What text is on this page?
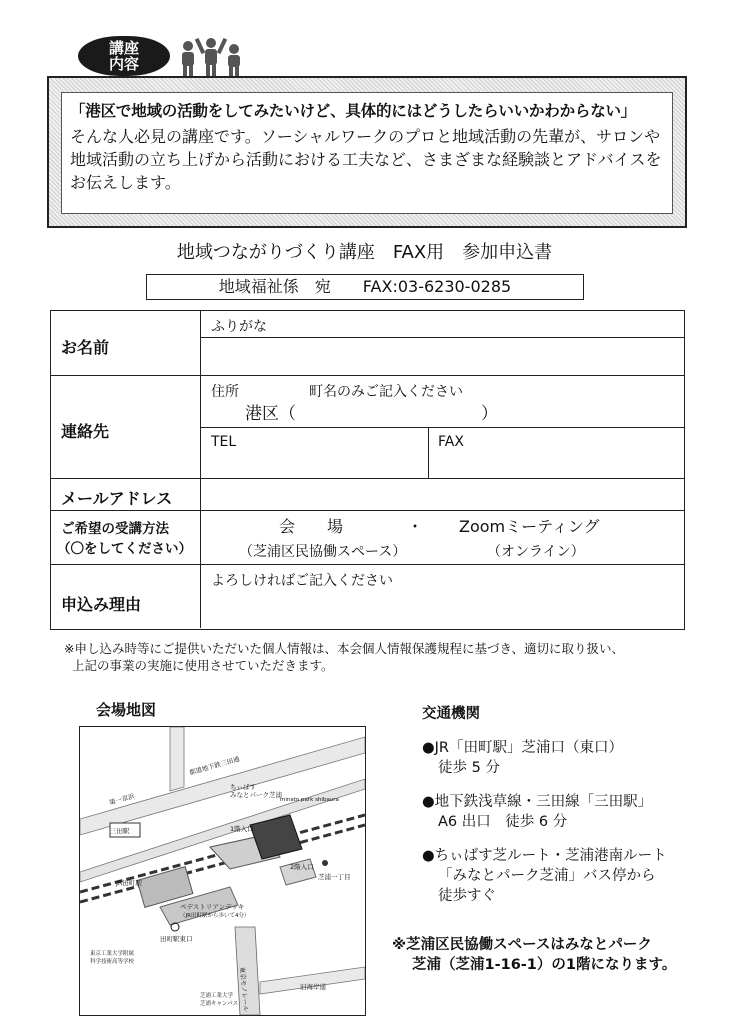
講座
内容
「港区で地域の活動をしてみたいけど、具体的にはどうしたらいいかわからない」
そんな人必見の講座です。ソーシャルワークのプロと地域活動の先輩が、サロンや地域活動の立ち上げから活動における工夫など、さまざまな経験談とアドバイスをお伝えします。
地域つながりづくり講座　FAX用　参加申込書
地域福祉係　宛　　FAX:03-6230-0285
お名前
ふりがな
連絡先
住所	町名のみご記入ください
港区（	）
TEL	FAX
メールアドレス
ご希望の受講方法
（〇をしてください）
会　　場	・ Zoomミーティング
（芝浦区民協働スペース）	（オンライン）
申込み理由
よろしければご記入ください
※申し込み時等にご提供いただいた個人情報は、本会個人情報保護規程に基づき、適切に取り扱い、
上記の事業の実施に使用させていただきます。
会場地図
三田駅
JR田町駅
都道地下鉄三田通
第一京浜
芝浦一丁目
ちぃばす
みなとパーク芝浦
minato park shibaura
1階入口
2階入口
ペデストリアンデッキ
（JR田町駅から歩いて4分）
田町駅東口
東京工業大学附属
科学技術高等学校
東京モノレール	旧海岸通
芝浦工業大学
芝浦キャンパス
交通機関
●JR「田町駅」芝浦口（東口）
徒歩 5 分
●地下鉄浅草線・三田線「三田駅」
A6 出口　徒歩 6 分
●ちぃばす芝ルート・芝浦港南ルート
「みなとパーク芝浦」バス停から
徒歩すぐ
※芝浦区民協働スペースはみなとパーク
芝浦（芝浦1-16-1）の1階になります。
